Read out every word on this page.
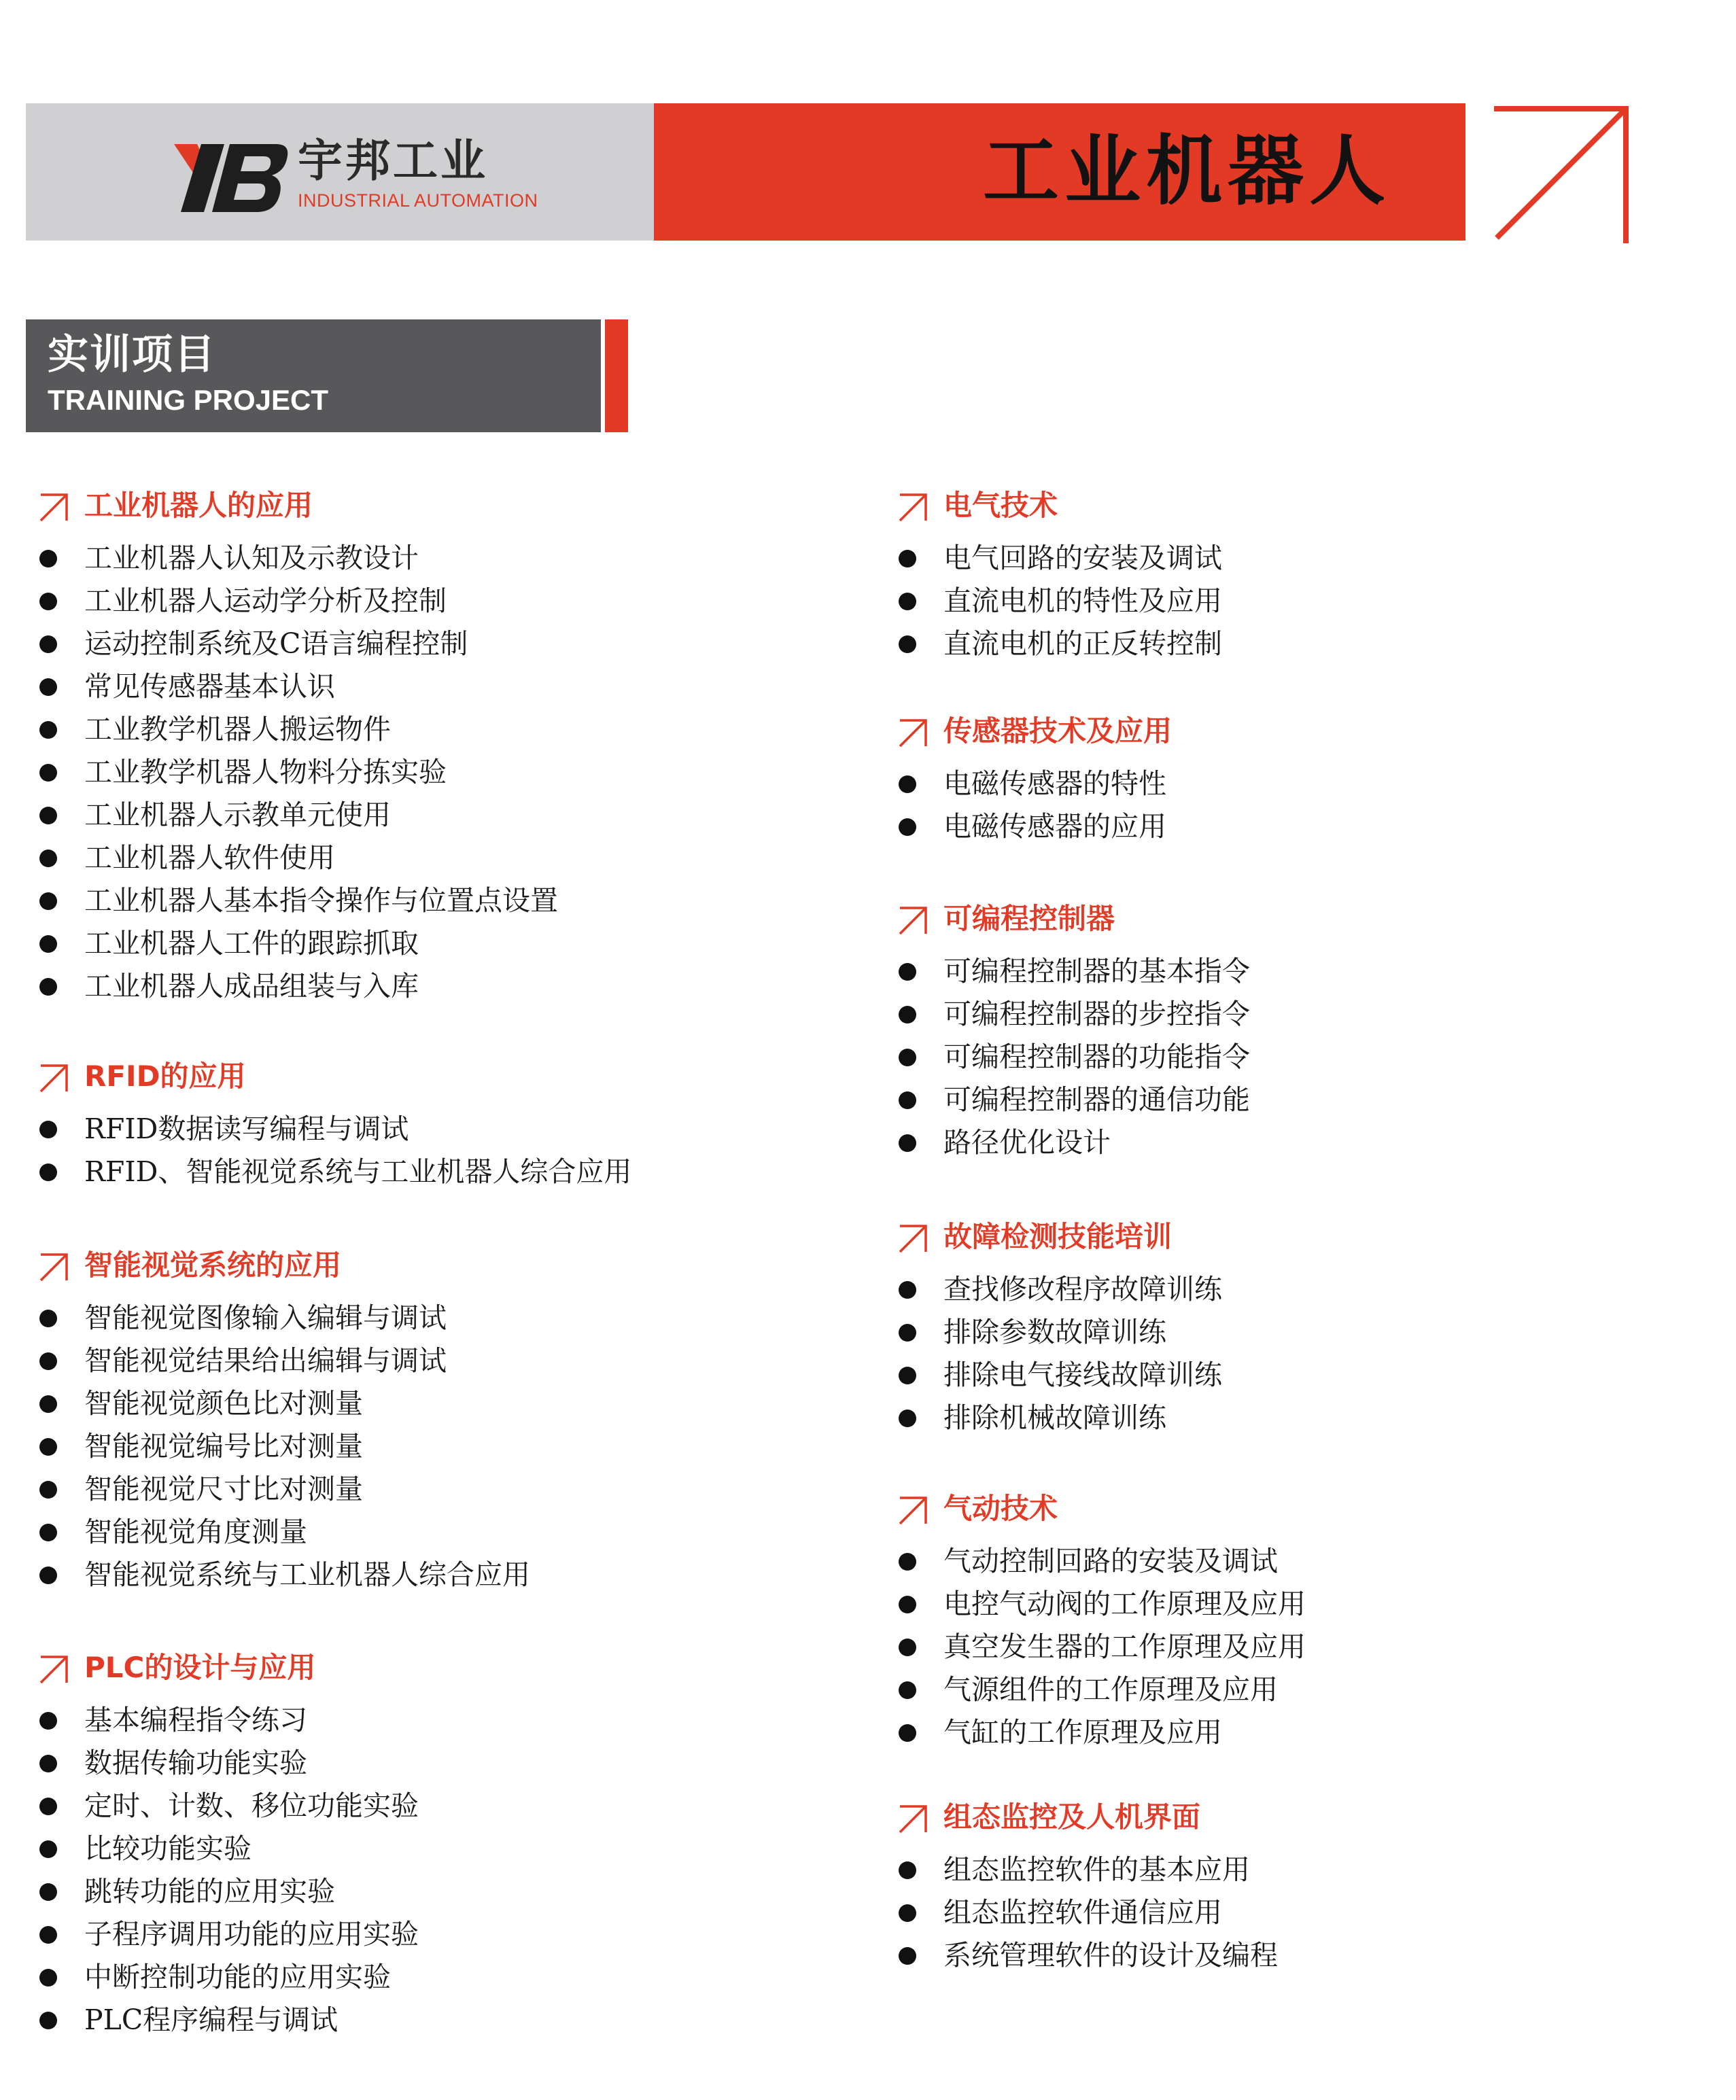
宇邦工业
INDUSTRIAL AUTOMATION	工业机器人
实训项目
TRAINING PROJECT
工业机器人的应用
工业机器人认知及示教设计
工业机器人运动学分析及控制
运动控制系统及C语言编程控制
常见传感器基本认识
工业教学机器人搬运物件
工业教学机器人物料分拣实验
工业机器人示教单元使用
工业机器人软件使用
工业机器人基本指令操作与位置点设置
工业机器人工件的跟踪抓取
工业机器人成品组装与入库
RFID的应用
RFID数据读写编程与调试
RFID、智能视觉系统与工业机器人综合应用
智能视觉系统的应用
智能视觉图像输入编辑与调试
智能视觉结果给出编辑与调试
智能视觉颜色比对测量
智能视觉编号比对测量
智能视觉尺寸比对测量
智能视觉角度测量
智能视觉系统与工业机器人综合应用
PLC的设计与应用
基本编程指令练习
数据传输功能实验
定时、计数、移位功能实验
比较功能实验
跳转功能的应用实验
子程序调用功能的应用实验
中断控制功能的应用实验
PLC程序编程与调试
电气技术
电气回路的安装及调试
直流电机的特性及应用
直流电机的正反转控制
传感器技术及应用
电磁传感器的特性
电磁传感器的应用
可编程控制器
可编程控制器的基本指令
可编程控制器的步控指令
可编程控制器的功能指令
可编程控制器的通信功能
路径优化设计
故障检测技能培训
查找修改程序故障训练
排除参数故障训练
排除电气接线故障训练
排除机械故障训练
气动技术
气动控制回路的安装及调试
电控气动阀的工作原理及应用
真空发生器的工作原理及应用
气源组件的工作原理及应用
气缸的工作原理及应用
组态监控及人机界面
组态监控软件的基本应用
组态监控软件通信应用
系统管理软件的设计及编程
